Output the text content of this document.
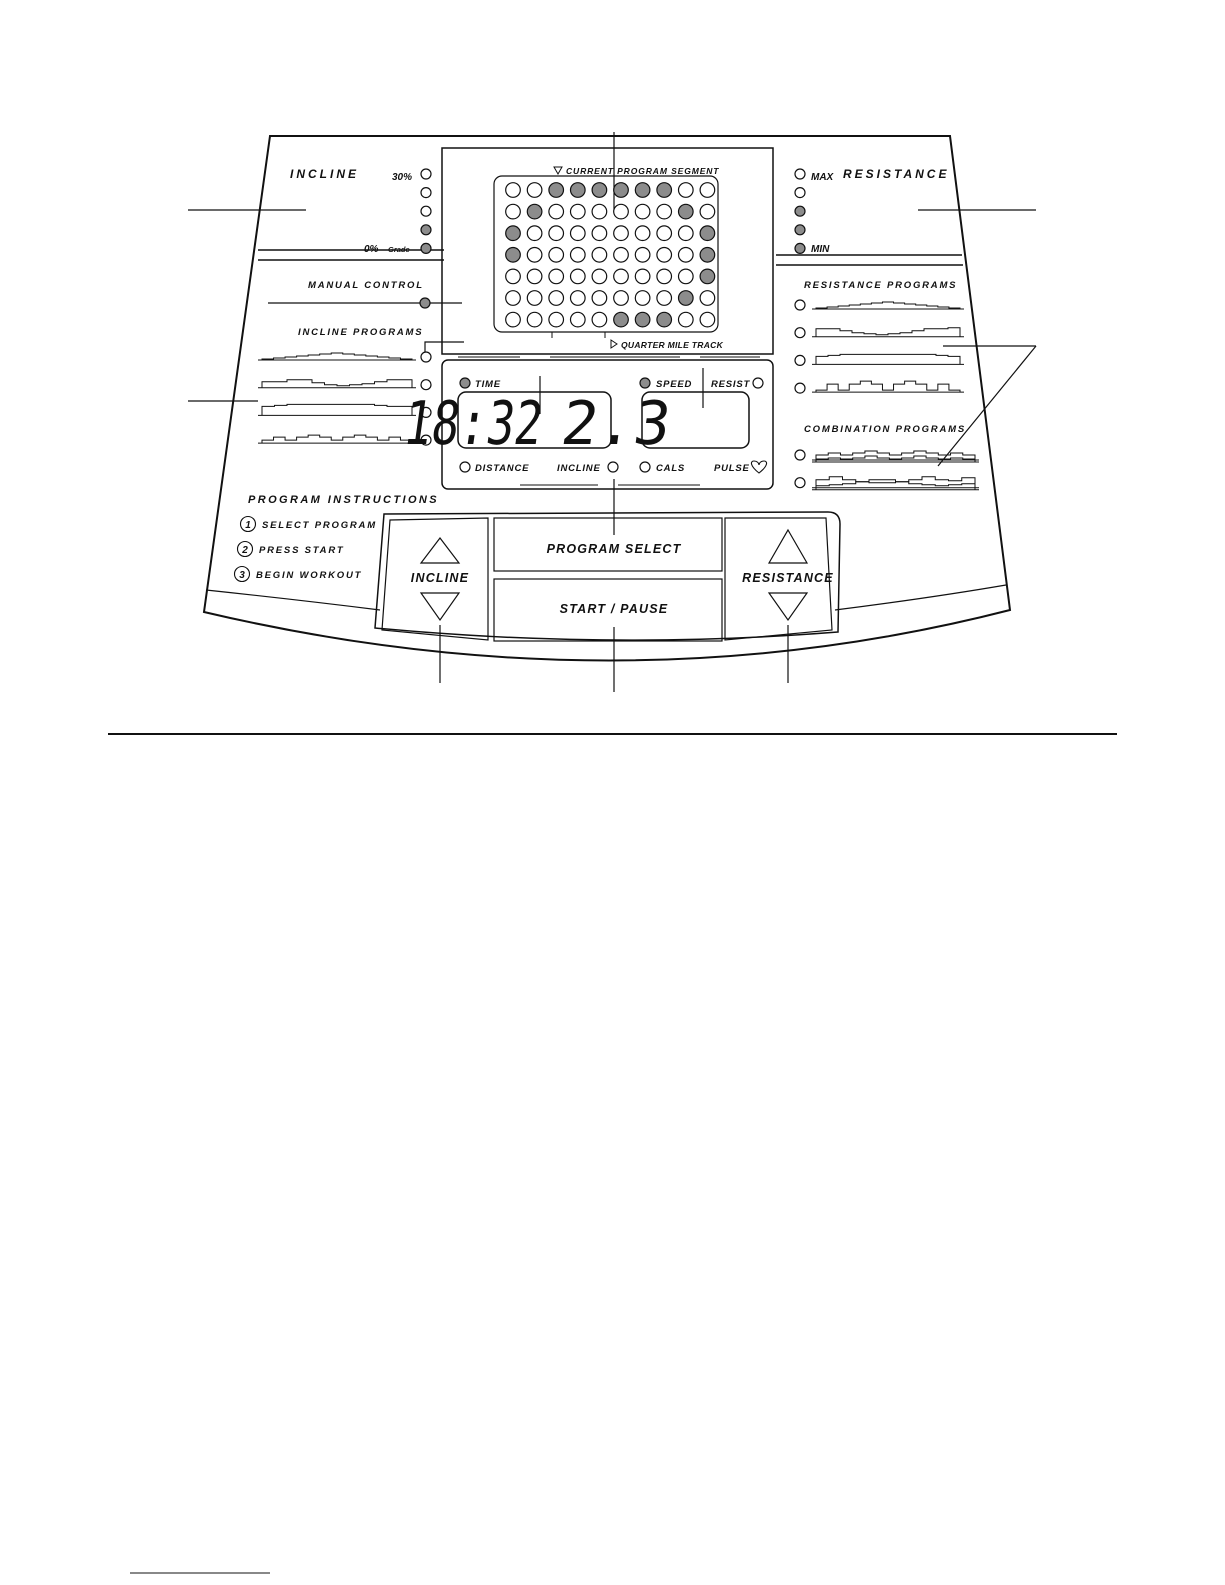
INCLINE	30%
0% Grade
MANUAL CONTROL
INCLINE PROGRAMS
PROGRAM INSTRUCTIONS
1 SELECT PROGRAM
2 PRESS START
3 BEGIN WORKOUT
MAX RESISTANCE
MIN
RESISTANCE PROGRAMS
COMBINATION PROGRAMS
CURRENT PROGRAM SEGMENT
QUARTER MILE TRACK
TIME
18:32
DISTANCE	INCLINE
SPEED RESIST
2.3
CALS	PULSE
INCLINE
PROGRAM SELECT
START / PAUSE
RESISTANCE
